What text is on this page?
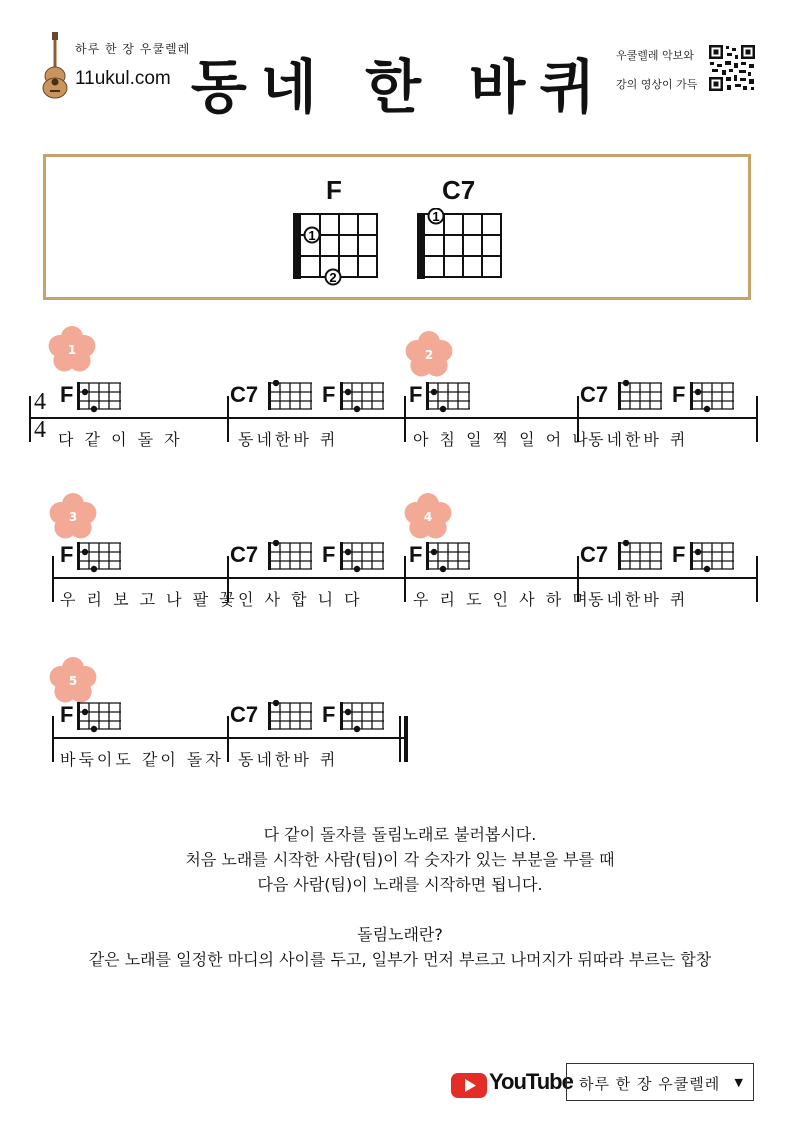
하루 한 장 우쿨렐레
11ukul.com 동네 한 바퀴 우쿨렐레 악보와
강의 영상이 가득
F	C7
1
2
1
1
4
4
F
다 같 이 돌 자
C7	F
동네한바 퀴
2
F
아 침 일 찍 일 어 나
C7	F
동네한바 퀴
3
F
우 리 보 고 나 팔 꽃
C7	F
인 사 합 니 다
4
F
우 리 도 인 사 하 며
C7	F
동네한바 퀴
5
F
바둑이도 같이 돌자
C7	F
동네한바 퀴
다 같이 돌자를 돌림노래로 불러봅시다.
처음 노래를 시작한 사람(팀)이 각 숫자가 있는 부분을 부를 때
다음 사람(팀)이 노래를 시작하면 됩니다.
돌림노래란?
같은 노래를 일정한 마디의 사이를 두고, 일부가 먼저 부르고 나머지가 뒤따라 부르는 합창
YouTube 하루 한 장 우쿨렐레 ▼
